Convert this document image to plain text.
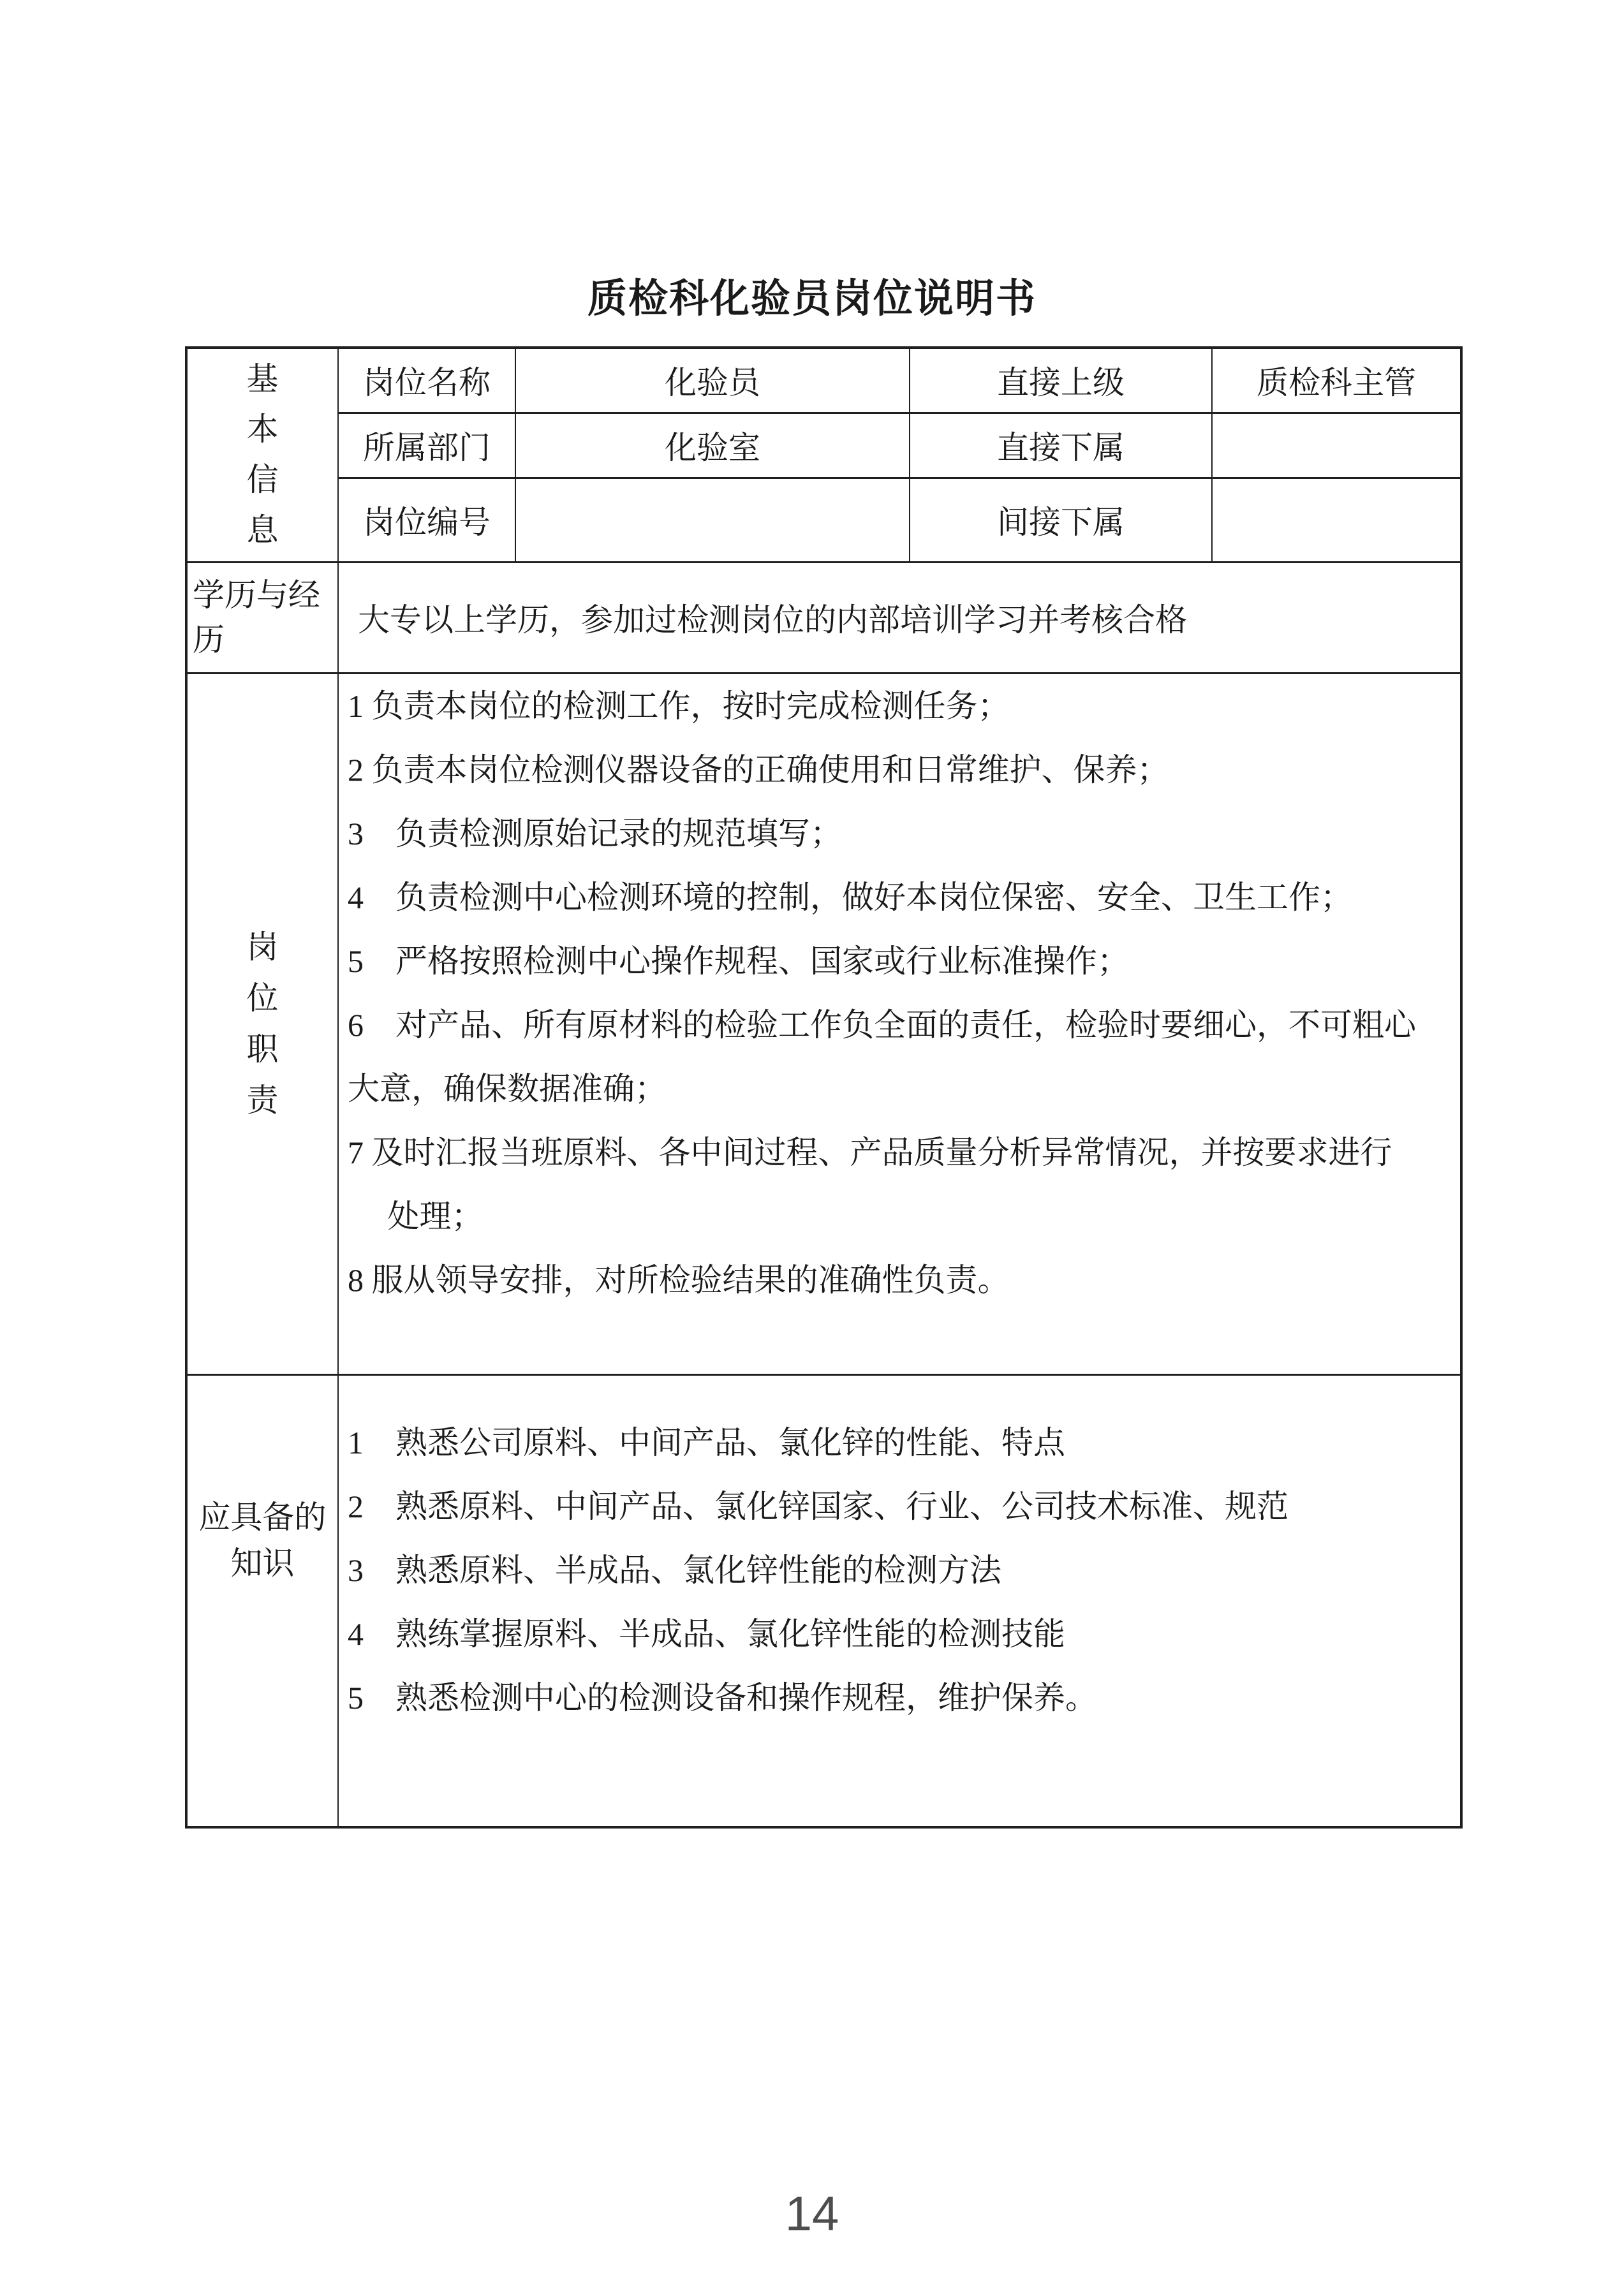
质检科化验员岗位说明书
基本信息	岗位名称	化验员	直接上级	质检科主管
	所属部门	化验室	直接下属	
	岗位编号		间接下属	

学历与经历	大专以上学历，参加过检测岗位的内部培训学习并考核合格			

岗位职责

1 负责本岗位的检测工作，按时完成检测任务；
2 负责本岗位检测仪器设备的正确使用和日常维护、保养；
3　负责检测原始记录的规范填写；
4　负责检测中心检测环境的控制，做好本岗位保密、安全、卫生工作；
5　严格按照检测中心操作规程、国家或行业标准操作；
6　对产品、所有原材料的检验工作负全面的责任，检验时要细心，不可粗心
大意，确保数据准确；
7 及时汇报当班原料、各中间过程、产品质量分析异常情况，并按要求进行
　 处理；
8 服从领导安排，对所检验结果的准确性负责。

应具备的知识	1　熟悉公司原料、中间产品、氯化锌的性能、特点
2　熟悉原料、中间产品、氯化锌国家、行业、公司技术标准、规范
3　熟悉原料、半成品、氯化锌性能的检测方法
4　熟练掌握原料、半成品、氯化锌性能的检测技能
5　熟悉检测中心的检测设备和操作规程，维护保养。			
14
